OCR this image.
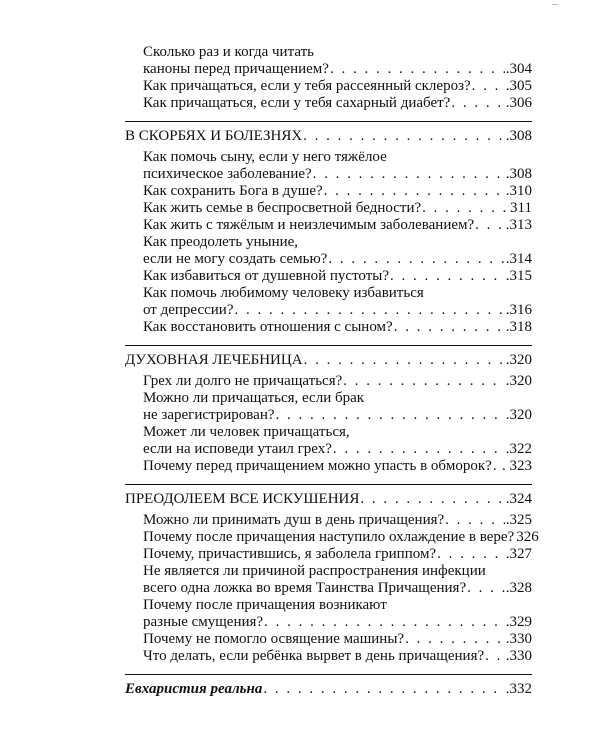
Сколько раз и когда читать
каноны перед причащением? . . .	.304
Как причащаться, если у тебя рассеянный склероз? . . . .305
Как причащаться, если у тебя сахарный диабет? . . .	.306
В СКОРБЯХ И БОЛЕЗНЯХ . . .	.308
Как помочь сыну, если у него тяжёлое
психическое заболевание? . . .	.308
Как сохранить Бога в душе? . . .	.310
Как жить семье в беспросветной бедности? . . .	. 311
Как жить с тяжёлым и неизлечимым заболеванием? . . . .313
Как преодолеть уныние,
если не могу создать семью? . . .	.314
Как избавиться от душевной пустоты? . . .	.315
Как помочь любимому человеку избавиться
от депрессии? . . .	.316
Как восстановить отношения с сыном? . . .	.318
ДУХОВНАЯ ЛЕЧЕБНИЦА . . .	.320
Грех ли долго не причащаться? . . .	.320
Можно ли причащаться, если брак
не зарегистрирован? . . .	.320
Может ли человек причащаться,
если на исповеди утаил грех? . . .	.322
Почему перед причащением можно упасть в обморок? . . . . 323
ПРЕОДОЛЕЕМ ВСЕ ИСКУШЕНИЯ . . .	.324
Можно ли принимать душ в день причащения? . . .	.325
Почему после причащения наступило охлаждение в вере? 326
Почему, причастившись, я заболела гриппом? . . .	.327
Не является ли причиной распространения инфекции
всего одна ложка во время Таинства Причащения? . . .	.328
Почему после причащения возникают
разные смущения? . . .	.329
Почему не помогло освящение машины? . . .	.330
Что делать, если ребёнка вырвет в день причащения? . . . .330
Евхаристия реальна . . .	.332
